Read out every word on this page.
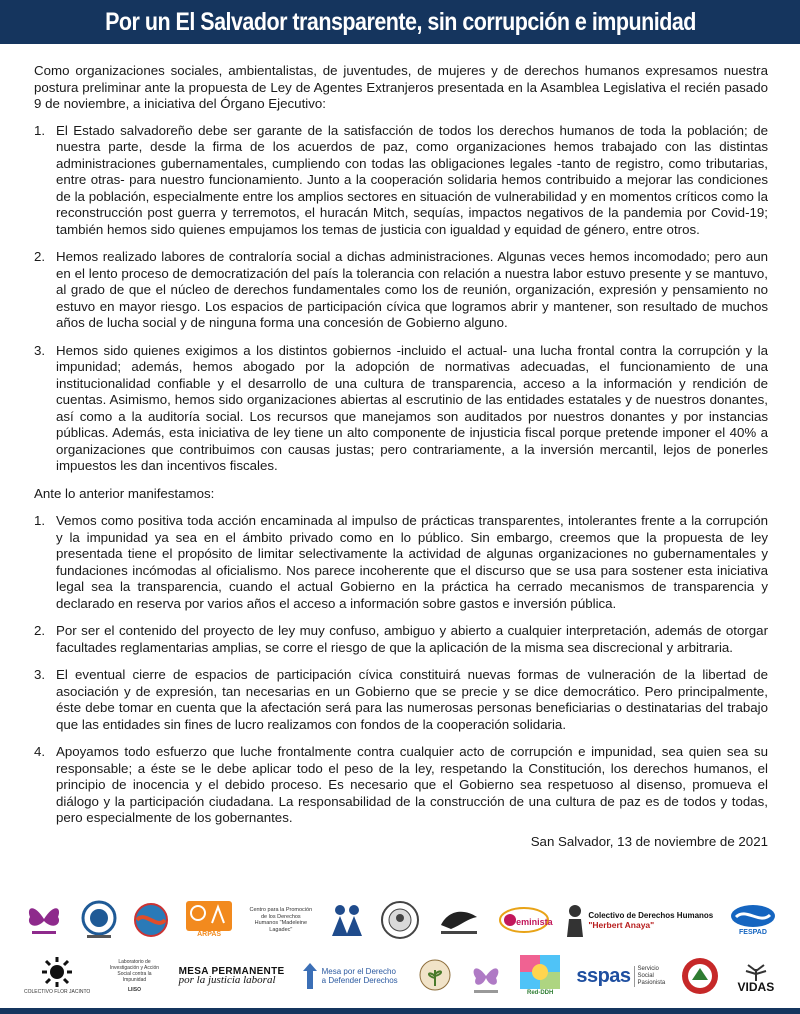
Por un El Salvador transparente, sin corrupción e impunidad

Como organizaciones sociales, ambientalistas, de juventudes, de mujeres y de derechos humanos expresamos nuestra postura preliminar ante la propuesta de Ley de Agentes Extranjeros presentada en la Asamblea Legislativa el recién pasado 9 de noviembre, a iniciativa del Órgano Ejecutivo:

1. El Estado salvadoreño debe ser garante de la satisfacción de todos los derechos humanos de toda la población; de nuestra parte, desde la firma de los acuerdos de paz, como organizaciones hemos trabajado con las distintas administraciones gubernamentales, cumpliendo con todas las obligaciones legales -tanto de registro, como tributarias, entre otras- para nuestro funcionamiento. Junto a la cooperación solidaria hemos contribuido a mejorar las condiciones de la población, especialmente entre los amplios sectores en situación de vulnerabilidad y en momentos críticos como la reconstrucción post guerra y terremotos, el huracán Mitch, sequías, impactos negativos de la pandemia por Covid-19; también hemos sido quienes empujamos los temas de justicia con igualdad y equidad de género, entre otros.
2. Hemos realizado labores de contraloría social a dichas administraciones. Algunas veces hemos incomodado; pero aun en el lento proceso de democratización del país la tolerancia con relación a nuestra labor estuvo presente y se mantuvo, al grado de que el núcleo de derechos fundamentales como los de reunión, organización, expresión y pensamiento no estuvo en mayor riesgo. Los espacios de participación cívica que logramos abrir y mantener, son resultado de muchos años de lucha social y de ninguna forma una concesión de Gobierno alguno.
3. Hemos sido quienes exigimos a los distintos gobiernos -incluido el actual- una lucha frontal contra la corrupción y la impunidad; además, hemos abogado por la adopción de normativas adecuadas, el funcionamiento de una institucionalidad confiable y el desarrollo de una cultura de transparencia, acceso a la información y rendición de cuentas. Asimismo, hemos sido organizaciones abiertas al escrutinio de las entidades estatales y de nuestros donantes, así como a la auditoría social. Los recursos que manejamos son auditados por nuestros donantes y por instancias públicas. Además, esta iniciativa de ley tiene un alto componente de injusticia fiscal porque pretende imponer el 40% a organizaciones que contribuimos con causas justas; pero contrariamente, a la inversión mercantil, lejos de ponerles impuestos les dan incentivos fiscales.

Ante lo anterior manifestamos:

1. Vemos como positiva toda acción encaminada al impulso de prácticas transparentes, intolerantes frente a la corrupción y la impunidad ya sea en el ámbito privado como en lo público. Sin embargo, creemos que la propuesta de ley presentada tiene el propósito de limitar selectivamente la actividad de algunas organizaciones no gubernamentales y fundaciones incómodas al oficialismo. Nos parece incoherente que el discurso que se usa para sostener esta iniciativa legal sea la transparencia, cuando el actual Gobierno en la práctica ha cerrado mecanismos de transparencia y declarado en reserva por varios años el acceso a información sobre gastos e inversión pública.
2. Por ser el contenido del proyecto de ley muy confuso, ambiguo y abierto a cualquier interpretación, además de otorgar facultades reglamentarias amplias, se corre el riesgo de que la aplicación de la misma sea discrecional y arbitraria.
3. El eventual cierre de espacios de participación cívica constituirá nuevas formas de vulneración de la libertad de asociación y de expresión, tan necesarias en un Gobierno que se precie y se dice democrático. Pero principalmente, éste debe tomar en cuenta que la afectación será para las numerosas personas beneficiarias o destinatarias del trabajo que las entidades sin fines de lucro realizamos con fondos de la cooperación solidaria.
4. Apoyamos todo esfuerzo que luche frontalmente contra cualquier acto de corrupción e impunidad, sea quien sea su responsable; a éste se le debe aplicar todo el peso de la ley, respetando la Constitución, los derechos humanos, el principio de inocencia y el debido proceso. Es necesario que el Gobierno sea respetuoso al disenso, promueva el diálogo y la participación ciudadana. La responsabilidad de la construcción de una cultura de paz es de todos y todas, pero especialmente de los gobernantes.

San Salvador, 13 de noviembre de 2021

ARPAS
Centro para la Promoción de los Derechos Humanos "Madeleine Lagadec"
Feminista
Colectivo de Derechos Humanos
"Herbert Anaya"
FESPAD
COLECTIVO FLOR JACINTO
Laboratorio de Investigación y Acción Social contra la Impunidad
LIISO
MESA PERMANENTE
por la justicia laboral
Mesa por el Derecho a Defender Derechos
Red-DDH
sspas	Servicio Social Pasionista	VIDAS
